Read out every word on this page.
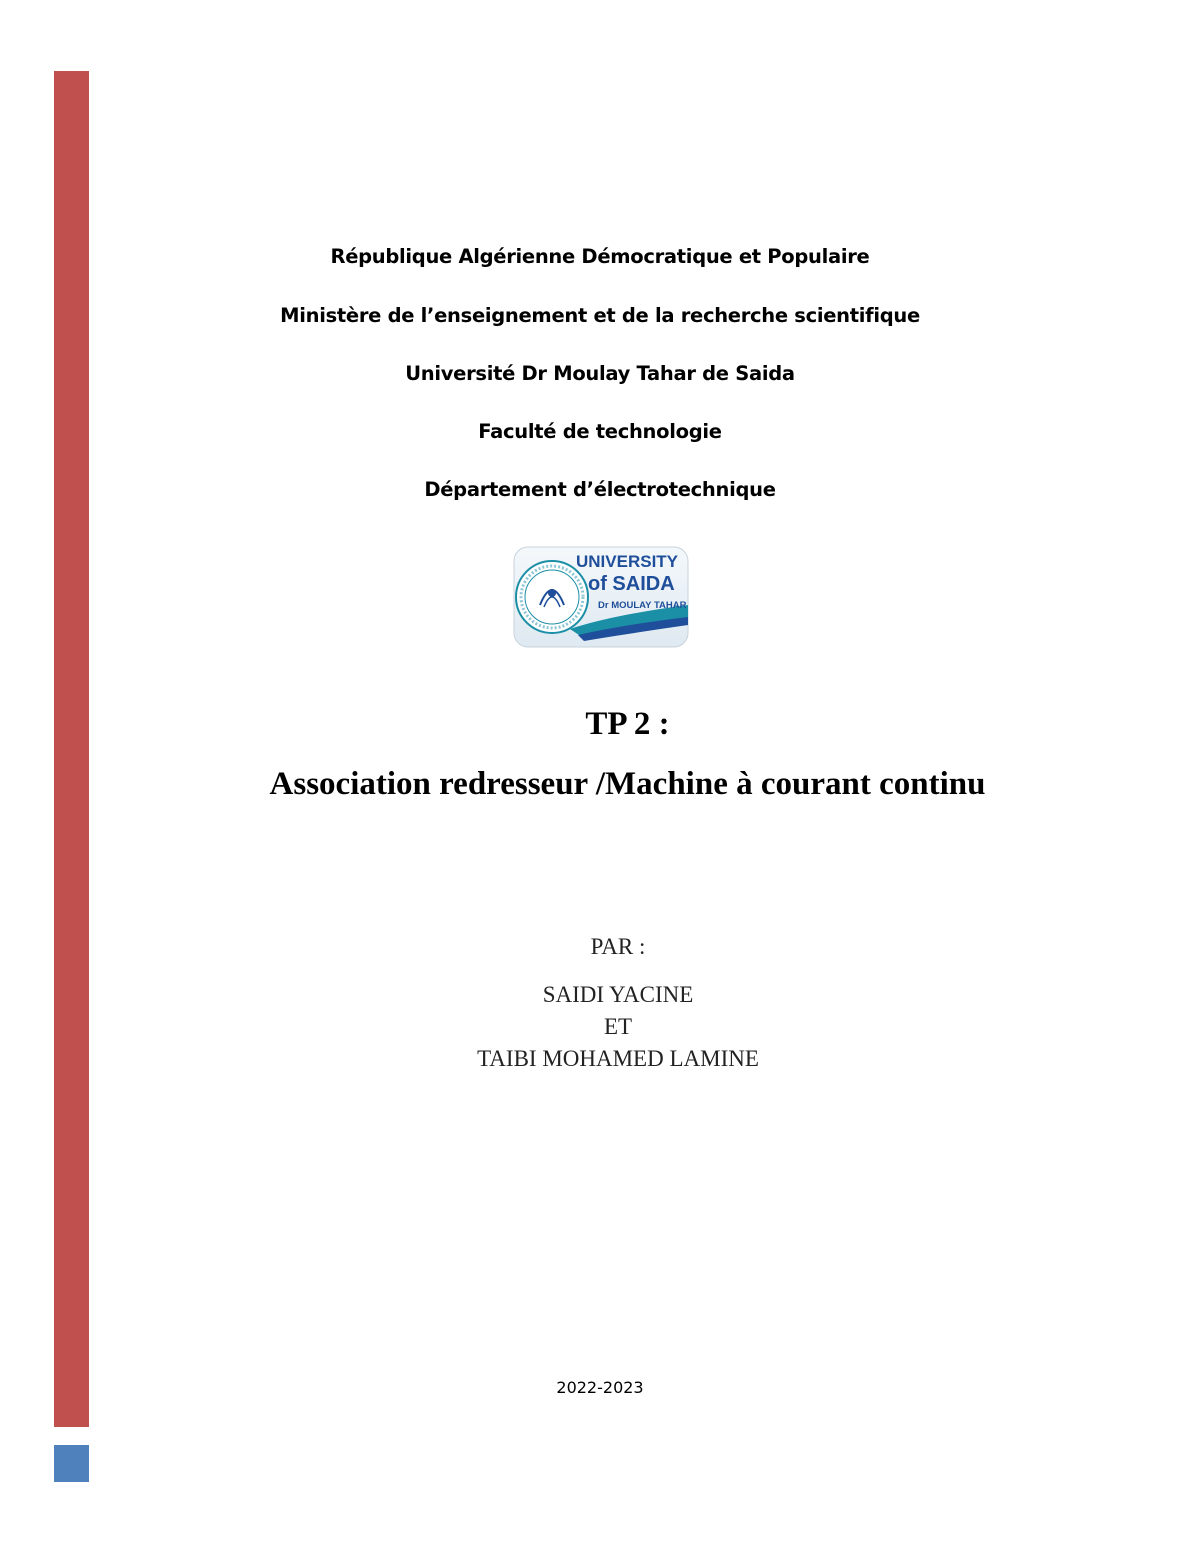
République Algérienne Démocratique et Populaire
Ministère de l’enseignement et de la recherche scientifique
Université Dr Moulay Tahar de Saida
Faculté de technologie
Département d’électrotechnique
UNIVERSITY
of SAIDA
Dr MOULAY TAHAR
TP 2 :
Association redresseur /Machine à courant continu
PAR :
SAIDI YACINE
ET
TAIBI MOHAMED LAMINE
2022-2023
